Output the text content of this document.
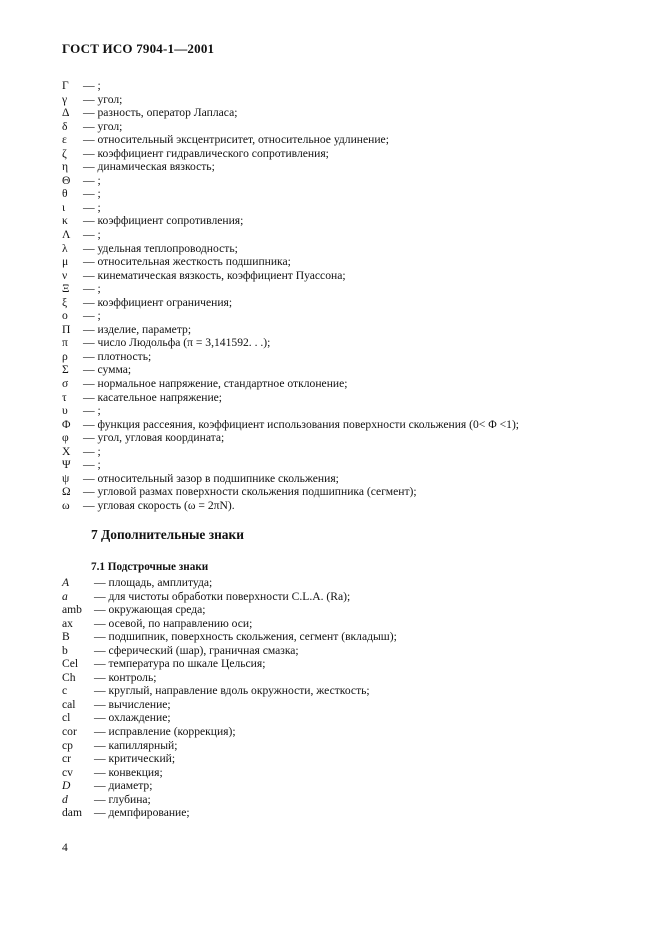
ГОСТ ИСО 7904-1—2001
Γ — ;
γ — угол;
Δ — разность, оператор Лапласа;
δ — угол;
ε — относительный эксцентриситет, относительное удлинение;
ζ — коэффициент гидравлического сопротивления;
η — динамическая вязкость;
Θ — ;
θ — ;
ι — ;
κ — коэффициент сопротивления;
Λ — ;
λ — удельная теплопроводность;
μ — относительная жесткость подшипника;
ν — кинематическая вязкость, коэффициент Пуассона;
Ξ — ;
ξ — коэффициент ограничения;
ο — ;
Π — изделие, параметр;
π — число Людольфа (π = 3,141592. . .);
ρ — плотность;
Σ — сумма;
σ — нормальное напряжение, стандартное отклонение;
τ — касательное напряжение;
υ — ;
Φ — функция рассеяния, коэффициент использования поверхности скольжения (0< Φ <1);
φ — угол, угловая координата;
Χ — ;
Ψ — ;
ψ — относительный зазор в подшипнике скольжения;
Ω — угловой размах поверхности скольжения подшипника (сегмент);
ω — угловая скорость (ω = 2πN).
7 Дополнительные знаки
7.1 Подстрочные знаки
A — площадь, амплитуда;
a — для чистоты обработки поверхности C.L.A. (Ra);
amb — окружающая среда;
ax — осевой, по направлению оси;
B — подшипник, поверхность скольжения, сегмент (вкладыш);
b — сферический (шар), граничная смазка;
Cel — температура по шкале Цельсия;
Ch — контроль;
c — круглый, направление вдоль окружности, жесткость;
cal — вычисление;
cl — охлаждение;
cor — исправление (коррекция);
cp — капиллярный;
cr — критический;
cv — конвекция;
D — диаметр;
d — глубина;
dam — демпфирование;
4
